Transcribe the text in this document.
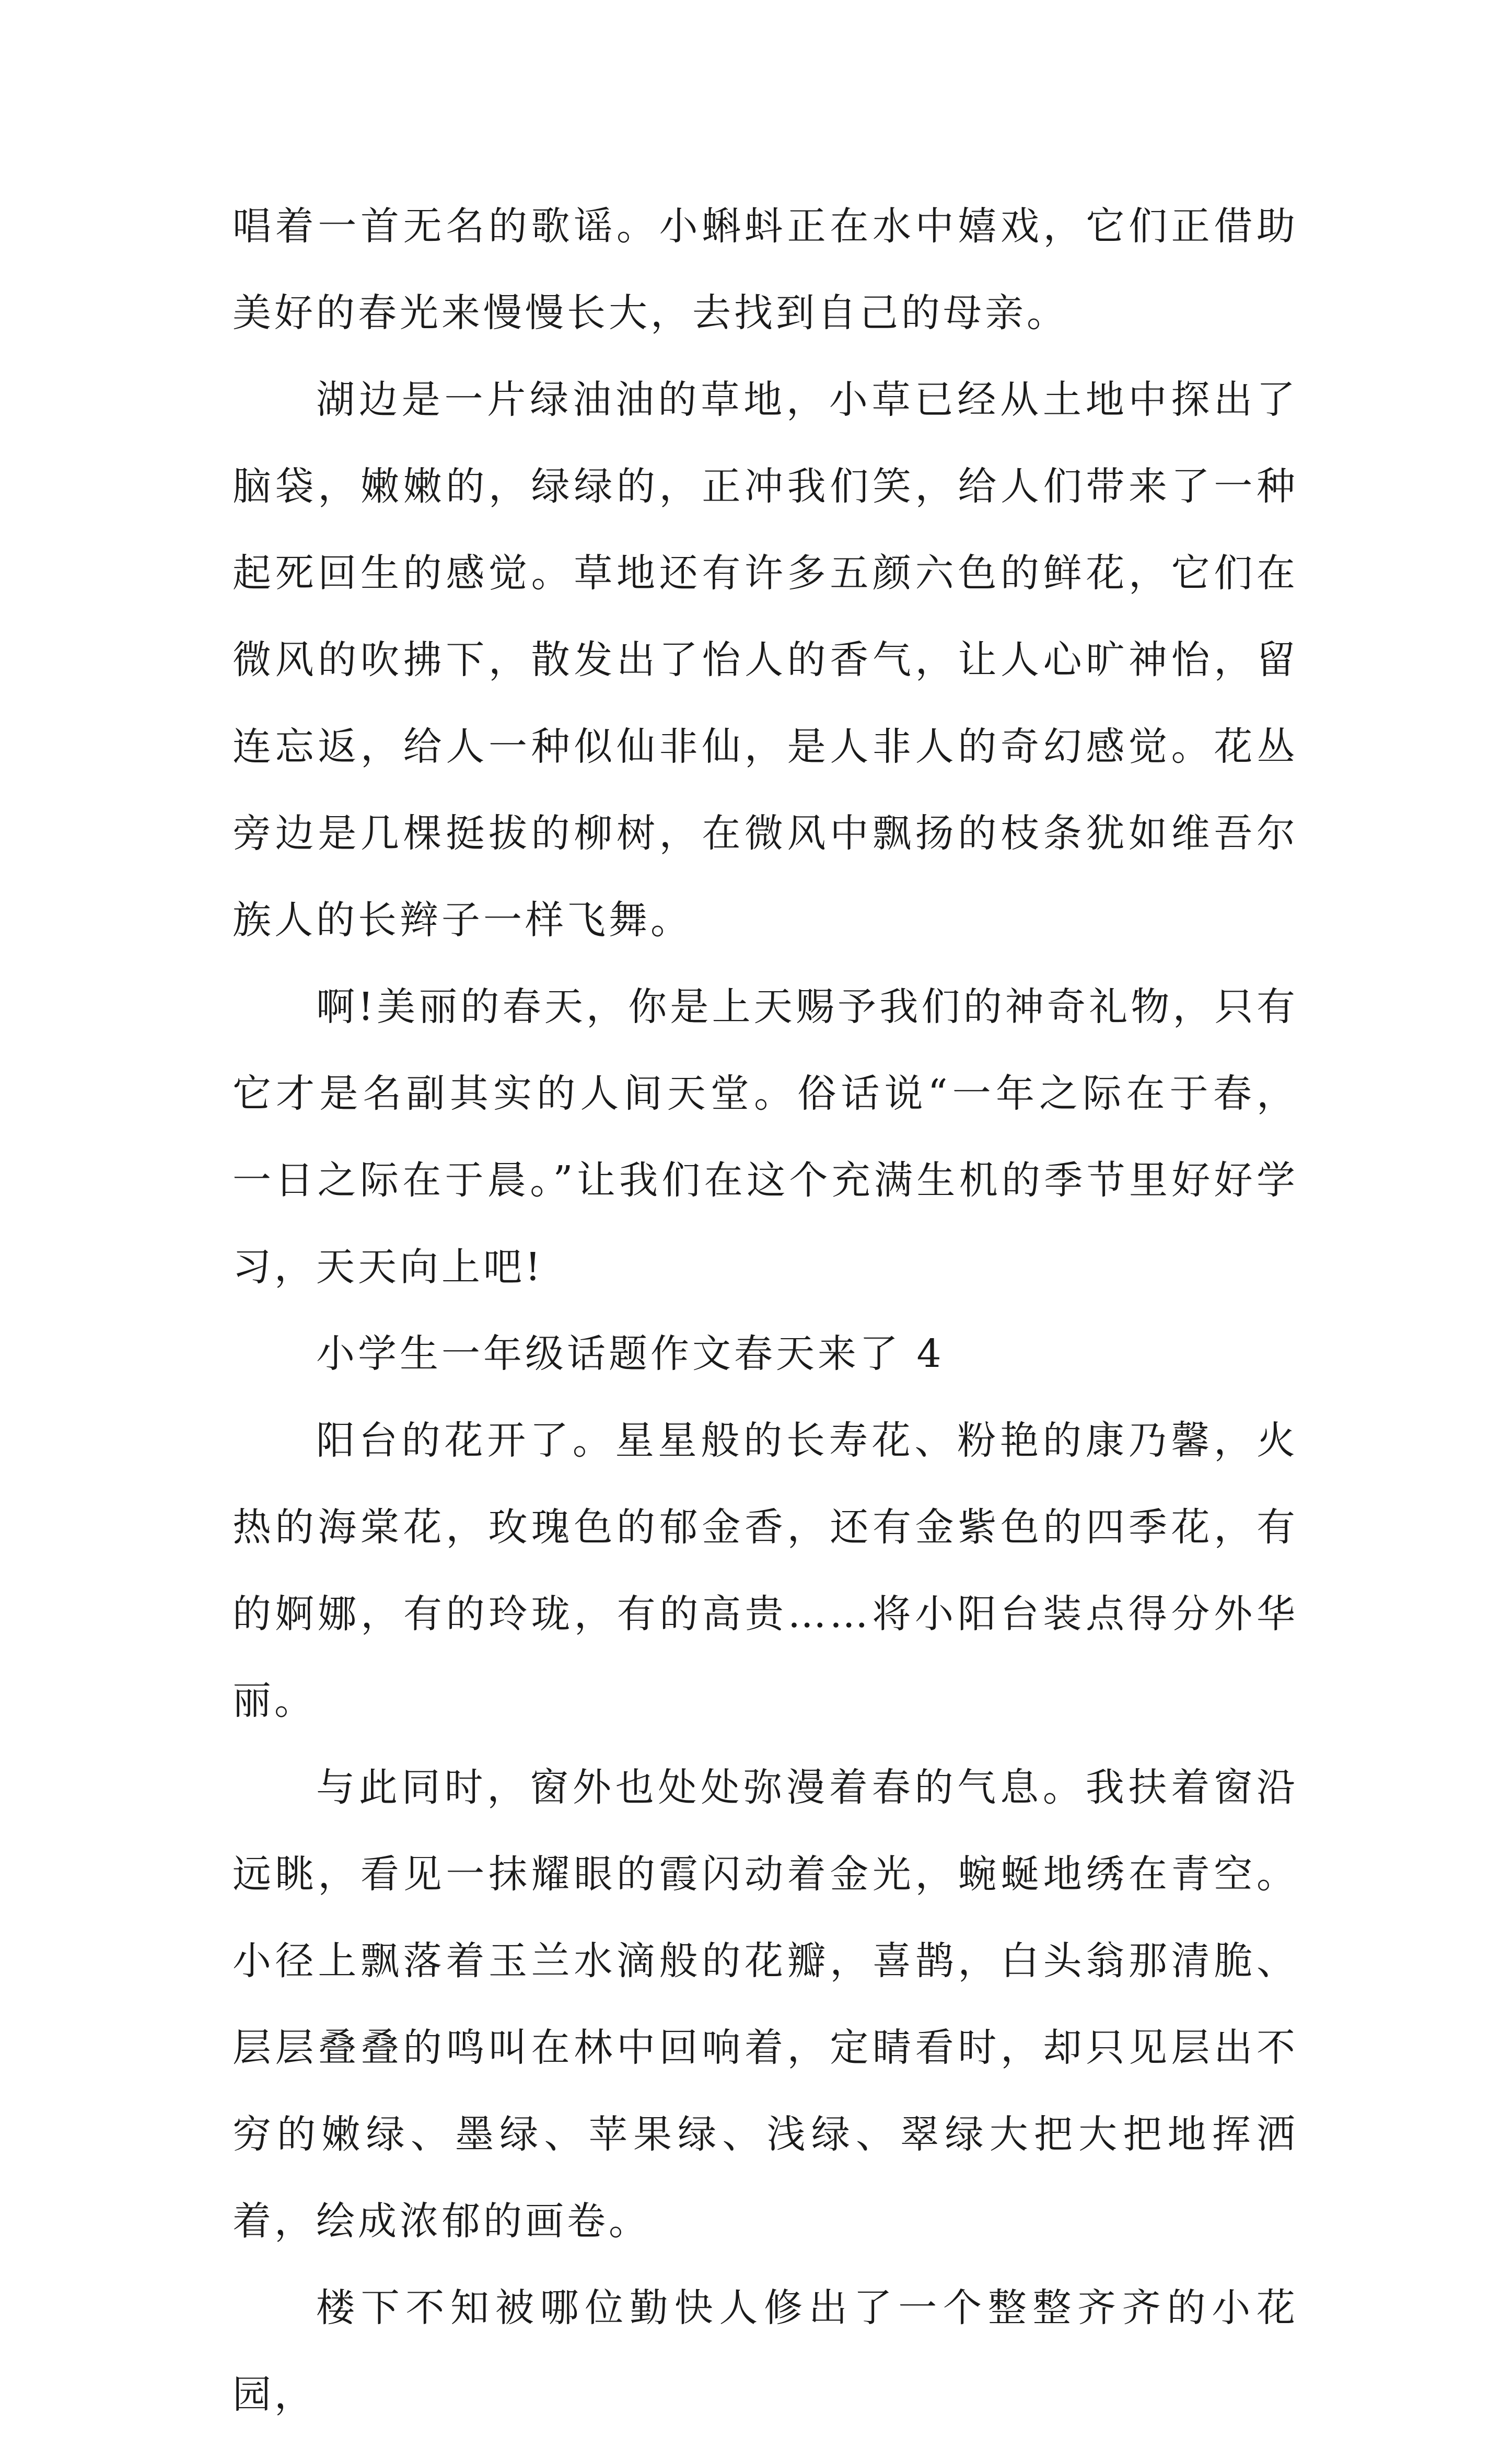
唱着一首无名的歌谣。小蝌蚪正在水中嬉戏，它们正借助美好的春光来慢慢长大，去找到自己的母亲。

湖边是一片绿油油的草地，小草已经从土地中探出了脑袋，嫩嫩的，绿绿的，正冲我们笑，给人们带来了一种起死回生的感觉。草地还有许多五颜六色的鲜花，它们在微风的吹拂下，散发出了怡人的香气，让人心旷神怡，留连忘返，给人一种似仙非仙，是人非人的奇幻感觉。花丛旁边是几棵挺拔的柳树，在微风中飘扬的枝条犹如维吾尔族人的长辫子一样飞舞。

啊!美丽的春天，你是上天赐予我们的神奇礼物，只有它才是名副其实的人间天堂。俗话说“一年之际在于春，一日之际在于晨。”让我们在这个充满生机的季节里好好学习，天天向上吧!

小学生一年级话题作文春天来了 4

阳台的花开了。星星般的长寿花、粉艳的康乃馨，火热的海棠花，玫瑰色的郁金香，还有金紫色的四季花，有的婀娜，有的玲珑，有的高贵……将小阳台装点得分外华丽。

与此同时，窗外也处处弥漫着春的气息。我扶着窗沿远眺，看见一抹耀眼的霞闪动着金光，蜿蜒地绣在青空。小径上飘落着玉兰水滴般的花瓣，喜鹊，白头翁那清脆、层层叠叠的鸣叫在林中回响着，定睛看时，却只见层出不穷的嫩绿、墨绿、苹果绿、浅绿、翠绿大把大把地挥洒着，绘成浓郁的画卷。

楼下不知被哪位勤快人修出了一个整整齐齐的小花园，
